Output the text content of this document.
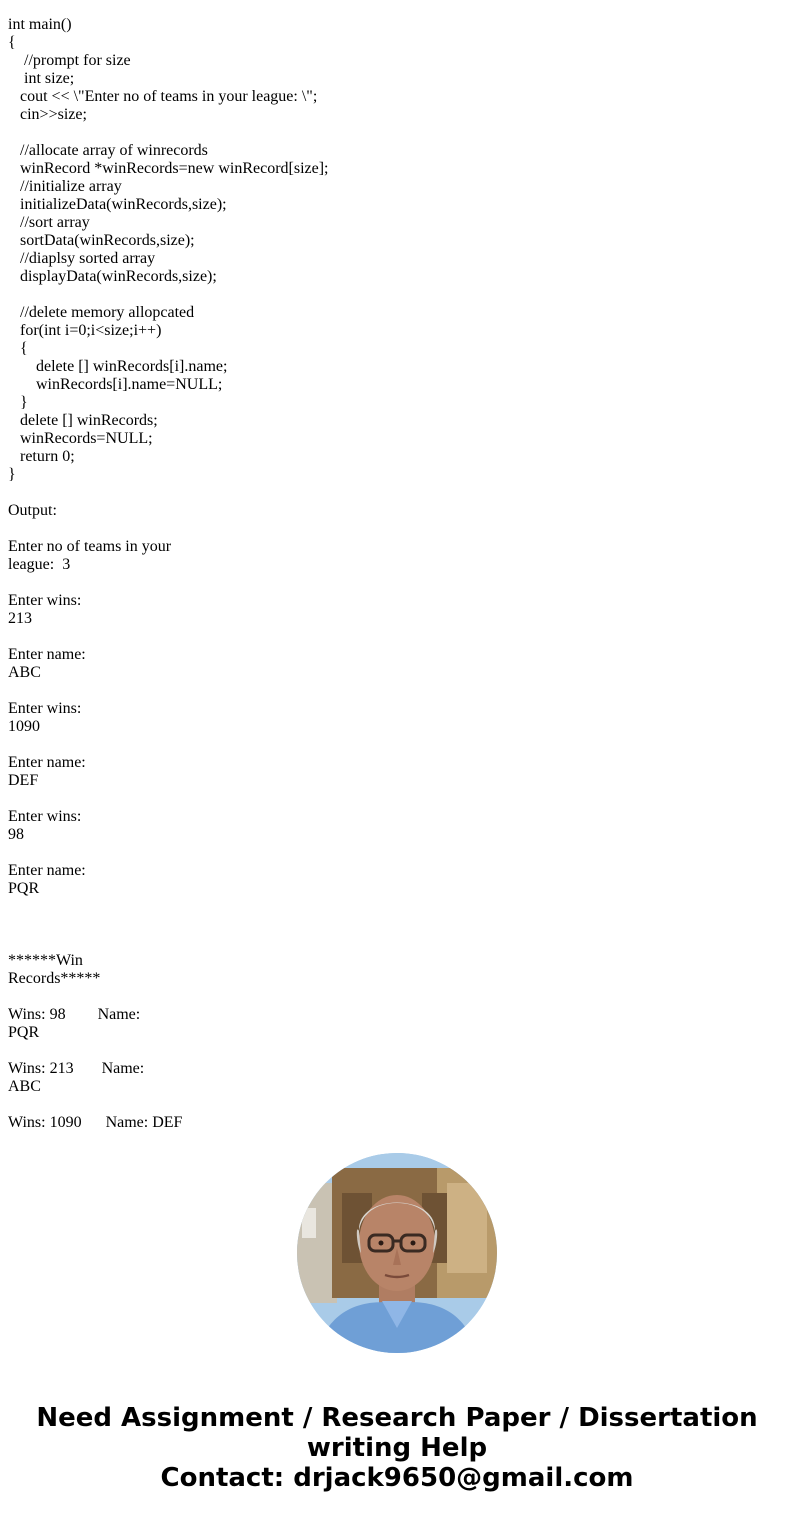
int main()
{
//prompt for size
int size;
cout << \"Enter no of teams in your league: \";
cin>>size;
//allocate array of winrecords
winRecord *winRecords=new winRecord[size];
//initialize array
initializeData(winRecords,size);
//sort array
sortData(winRecords,size);
//diaplsy sorted array
displayData(winRecords,size);
//delete memory allopcated
for(int i=0;i<size;i++)
{
delete [] winRecords[i].name;
winRecords[i].name=NULL;
}
delete [] winRecords;
winRecords=NULL;
return 0;
}
Output:
Enter no of teams in your
league:  3
Enter wins:
213
Enter name:
ABC
Enter wins:
1090
Enter name:
DEF
Enter wins:
98
Enter name:
PQR
******Win
Records*****
Wins: 98        Name:
PQR
Wins: 213       Name:
ABC
Wins: 1090      Name: DEF
Need Assignment / Research Paper / Dissertation
writing Help
Contact: drjack9650@gmail.com
